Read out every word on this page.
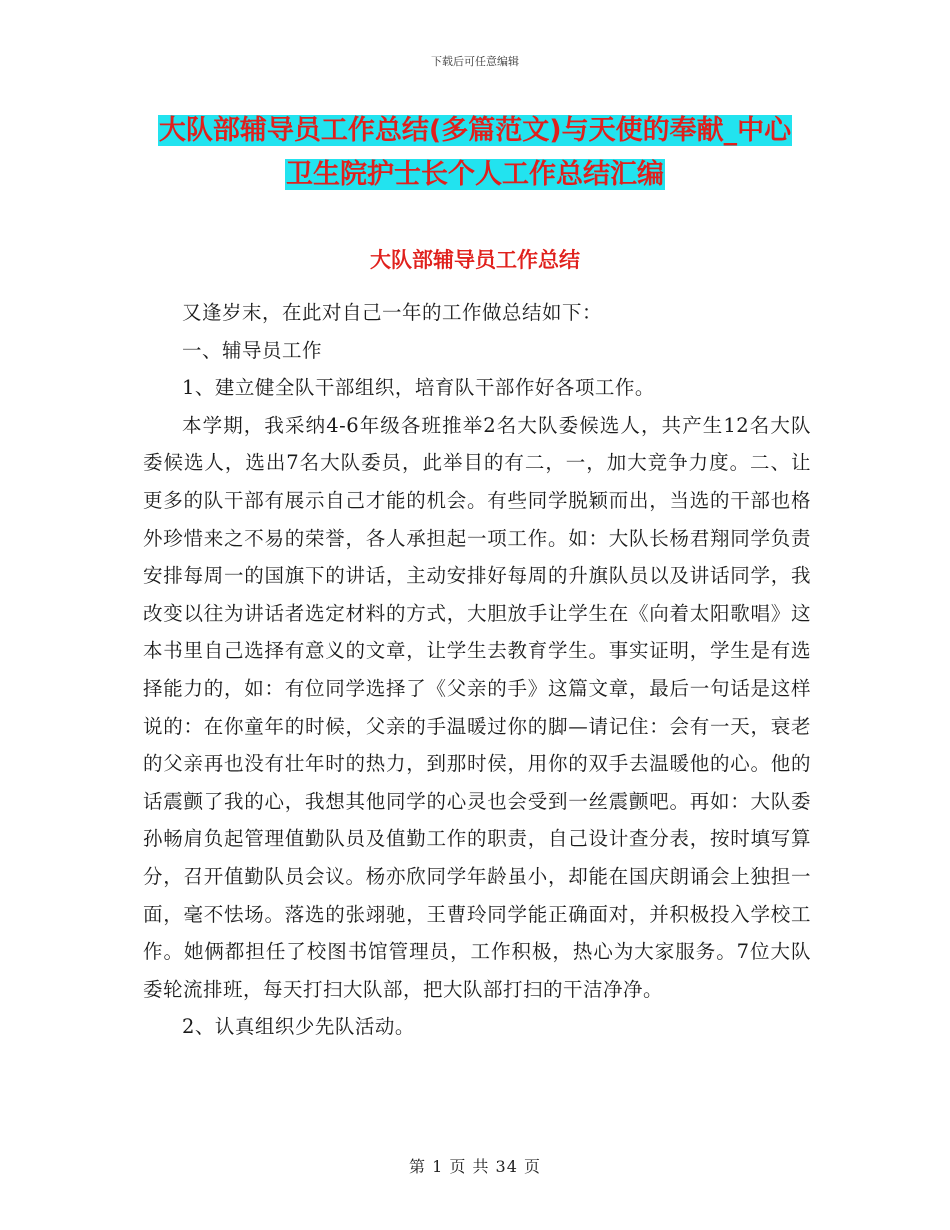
下载后可任意编辑
大队部辅导员工作总结(多篇范文)与天使的奉献_中心
卫生院护士长个人工作总结汇编
大队部辅导员工作总结

又逢岁末，在此对自己一年的工作做总结如下：

一、辅导员工作

1、建立健全队干部组织，培育队干部作好各项工作。

本学期，我采纳4-6年级各班推举2名大队委候选人，共产生12名大队委候选人，选出7名大队委员，此举目的有二，一，加大竞争力度。二、让更多的队干部有展示自己才能的机会。有些同学脱颖而出，当选的干部也格外珍惜来之不易的荣誉，各人承担起一项工作。如：大队长杨君翔同学负责安排每周一的国旗下的讲话，主动安排好每周的升旗队员以及讲话同学，我改变以往为讲话者选定材料的方式，大胆放手让学生在《向着太阳歌唱》这本书里自己选择有意义的文章，让学生去教育学生。事实证明，学生是有选择能力的，如：有位同学选择了《父亲的手》这篇文章，最后一句话是这样说的：在你童年的时候，父亲的手温暖过你的脚—请记住：会有一天，衰老的父亲再也没有壮年时的热力，到那时侯，用你的双手去温暖他的心。他的话震颤了我的心，我想其他同学的心灵也会受到一丝震颤吧。再如：大队委孙畅肩负起管理值勤队员及值勤工作的职责，自己设计查分表，按时填写算分，召开值勤队员会议。杨亦欣同学年龄虽小，却能在国庆朗诵会上独担一面，毫不怯场。落选的张翊驰，王曹玲同学能正确面对，并积极投入学校工作。她俩都担任了校图书馆管理员，工作积极，热心为大家服务。7位大队委轮流排班，每天打扫大队部，把大队部打扫的干洁净净。

2、认真组织少先队活动。

第 1 页 共 34 页
